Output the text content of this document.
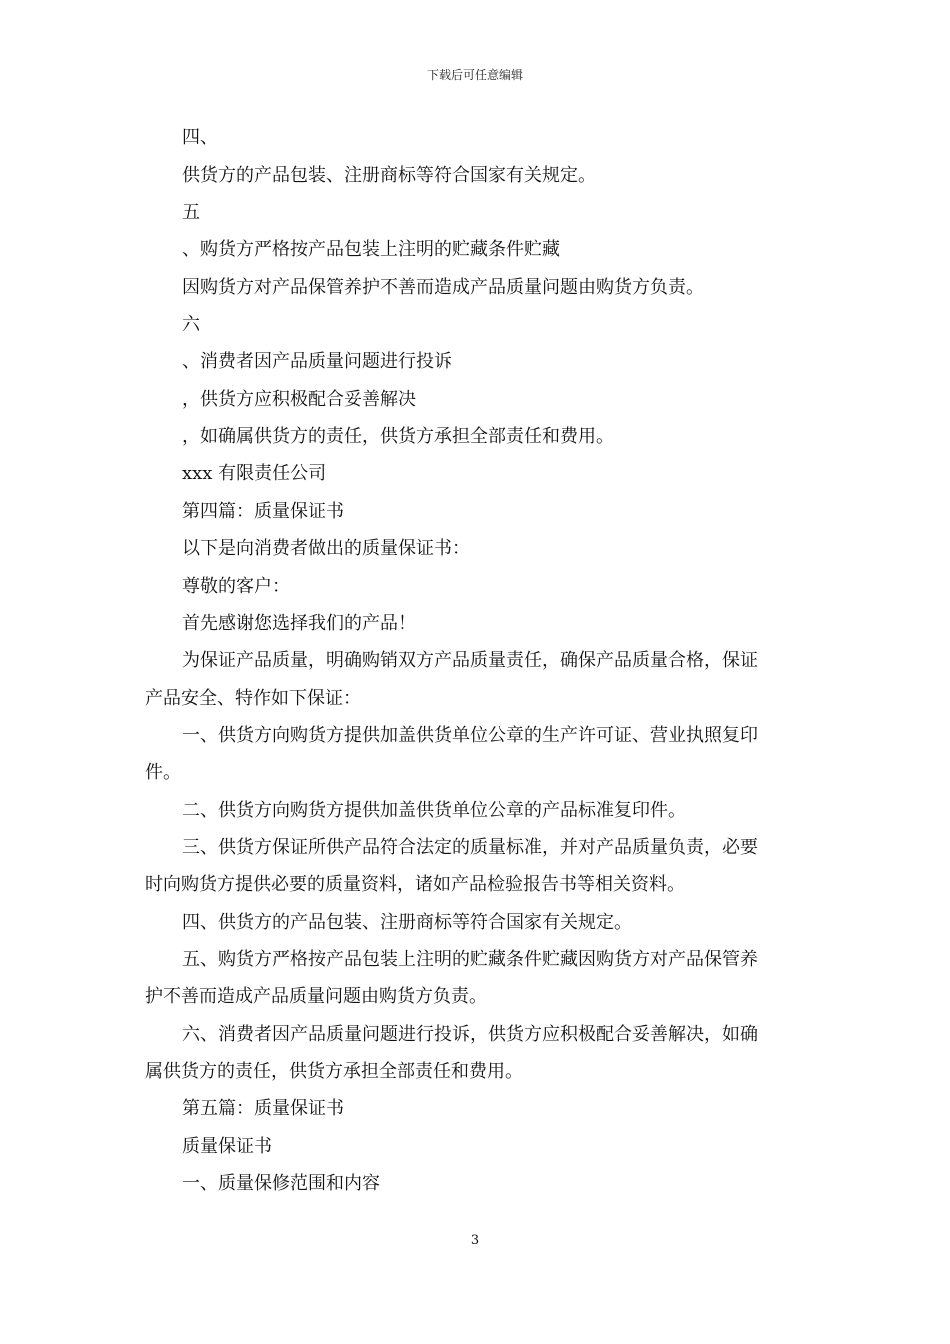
下载后可任意编辑
四、
供货方的产品包装、注册商标等符合国家有关规定。
五
、购货方严格按产品包装上注明的贮藏条件贮藏
因购货方对产品保管养护不善而造成产品质量问题由购货方负责。
六
、消费者因产品质量问题进行投诉
，供货方应积极配合妥善解决
，如确属供货方的责任，供货方承担全部责任和费用。
xxx 有限责任公司
第四篇：质量保证书
以下是向消费者做出的质量保证书：
尊敬的客户：
首先感谢您选择我们的产品！
为保证产品质量，明确购销双方产品质量责任，确保产品质量合格，保证
产品安全、特作如下保证：
一、供货方向购货方提供加盖供货单位公章的生产许可证、营业执照复印
件。
二、供货方向购货方提供加盖供货单位公章的产品标准复印件。
三、供货方保证所供产品符合法定的质量标准，并对产品质量负责，必要
时向购货方提供必要的质量资料，诸如产品检验报告书等相关资料。
四、供货方的产品包装、注册商标等符合国家有关规定。
五、购货方严格按产品包装上注明的贮藏条件贮藏因购货方对产品保管养
护不善而造成产品质量问题由购货方负责。
六、消费者因产品质量问题进行投诉，供货方应积极配合妥善解决，如确
属供货方的责任，供货方承担全部责任和费用。
第五篇：质量保证书
质量保证书
一、质量保修范围和内容
3
